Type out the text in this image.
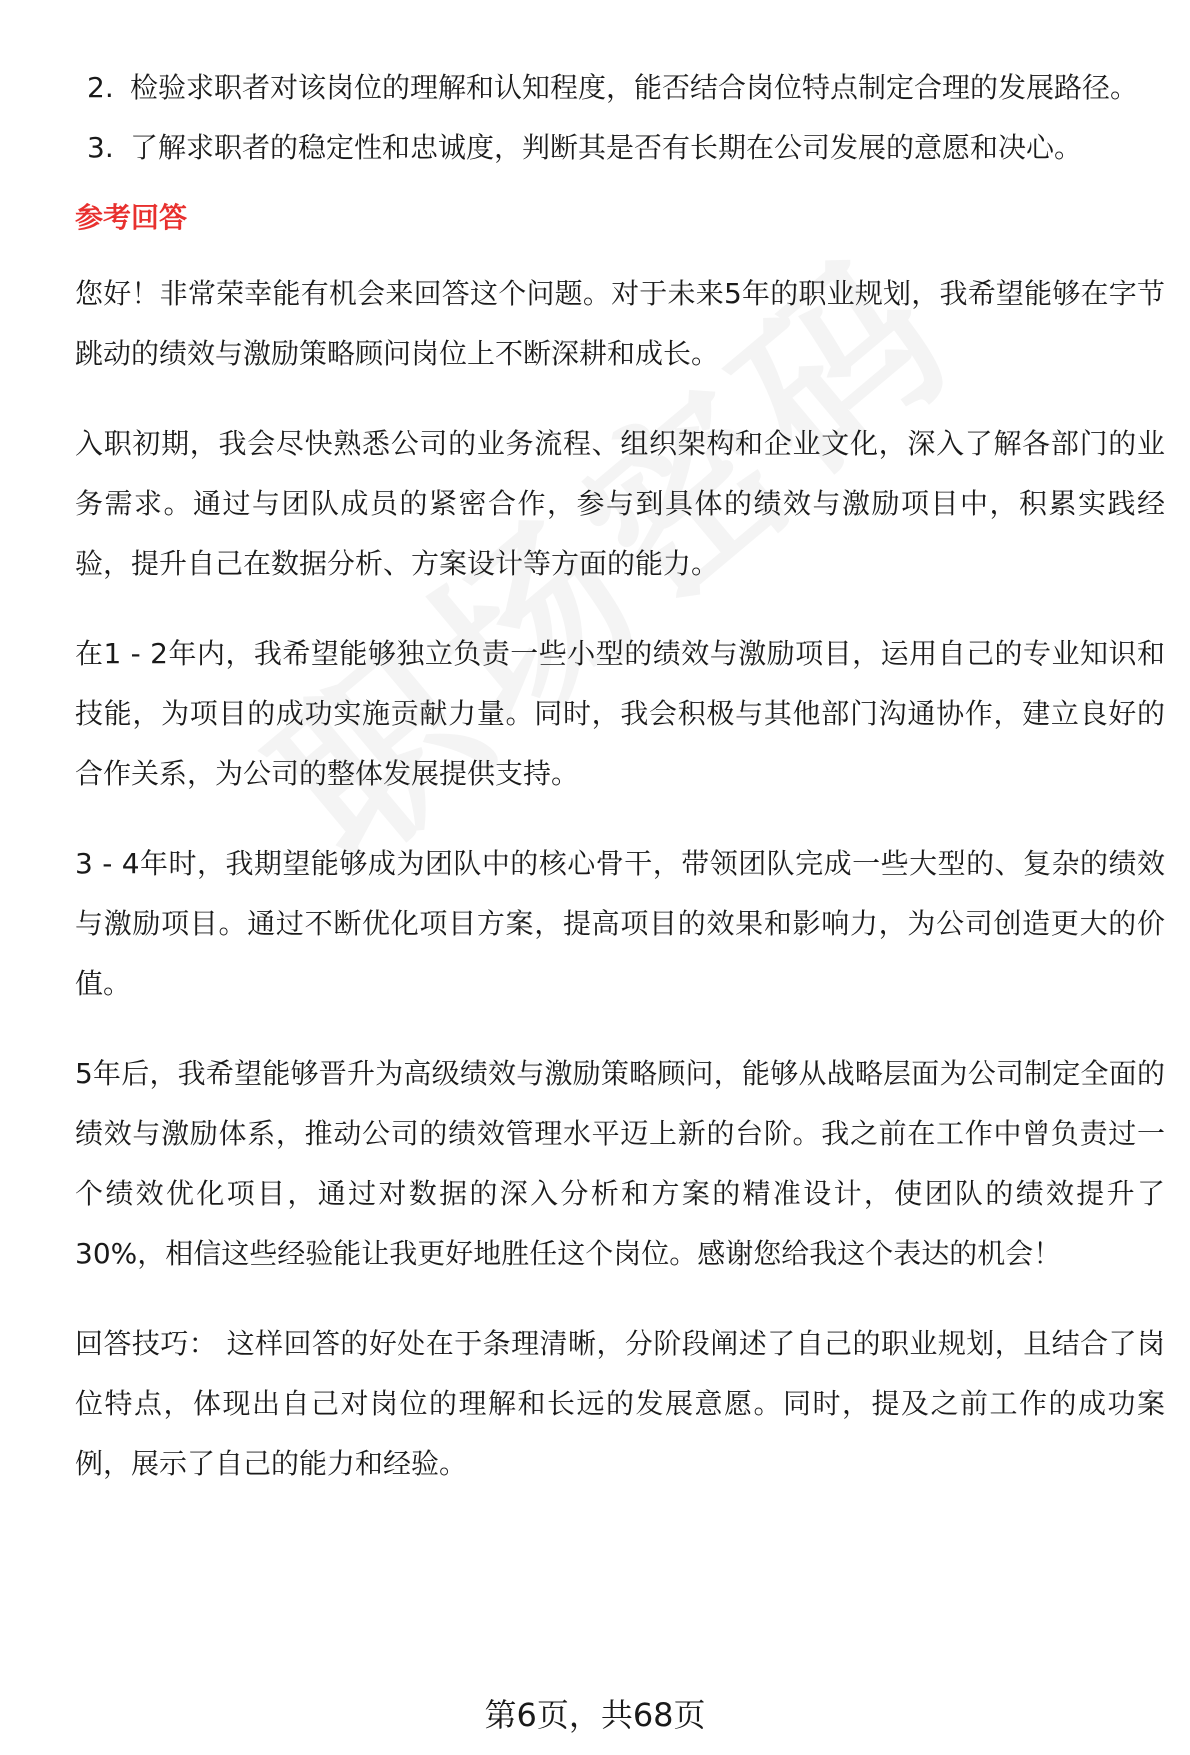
2. 检验求职者对该岗位的理解和认知程度，能否结合岗位特点制定合理的发展路径。
3. 了解求职者的稳定性和忠诚度，判断其是否有长期在公司发展的意愿和决心。
参考回答

您好！非常荣幸能有机会来回答这个问题。对于未来5年的职业规划，我希望能够在字节跳动的绩效与激励策略顾问岗位上不断深耕和成长。

入职初期，我会尽快熟悉公司的业务流程、组织架构和企业文化，深入了解各部门的业务需求。通过与团队成员的紧密合作，参与到具体的绩效与激励项目中，积累实践经验，提升自己在数据分析、方案设计等方面的能力。

在1 - 2年内，我希望能够独立负责一些小型的绩效与激励项目，运用自己的专业知识和技能，为项目的成功实施贡献力量。同时，我会积极与其他部门沟通协作，建立良好的合作关系，为公司的整体发展提供支持。

3 - 4年时，我期望能够成为团队中的核心骨干，带领团队完成一些大型的、复杂的绩效与激励项目。通过不断优化项目方案，提高项目的效果和影响力，为公司创造更大的价值。

5年后，我希望能够晋升为高级绩效与激励策略顾问，能够从战略层面为公司制定全面的绩效与激励体系，推动公司的绩效管理水平迈上新的台阶。我之前在工作中曾负责过一个绩效优化项目，通过对数据的深入分析和方案的精准设计，使团队的绩效提升了30%，相信这些经验能让我更好地胜任这个岗位。感谢您给我这个表达的机会！

回答技巧： 这样回答的好处在于条理清晰，分阶段阐述了自己的职业规划，且结合了岗位特点，体现出自己对岗位的理解和长远的发展意愿。同时，提及之前工作的成功案例，展示了自己的能力和经验。

第6页，共68页
